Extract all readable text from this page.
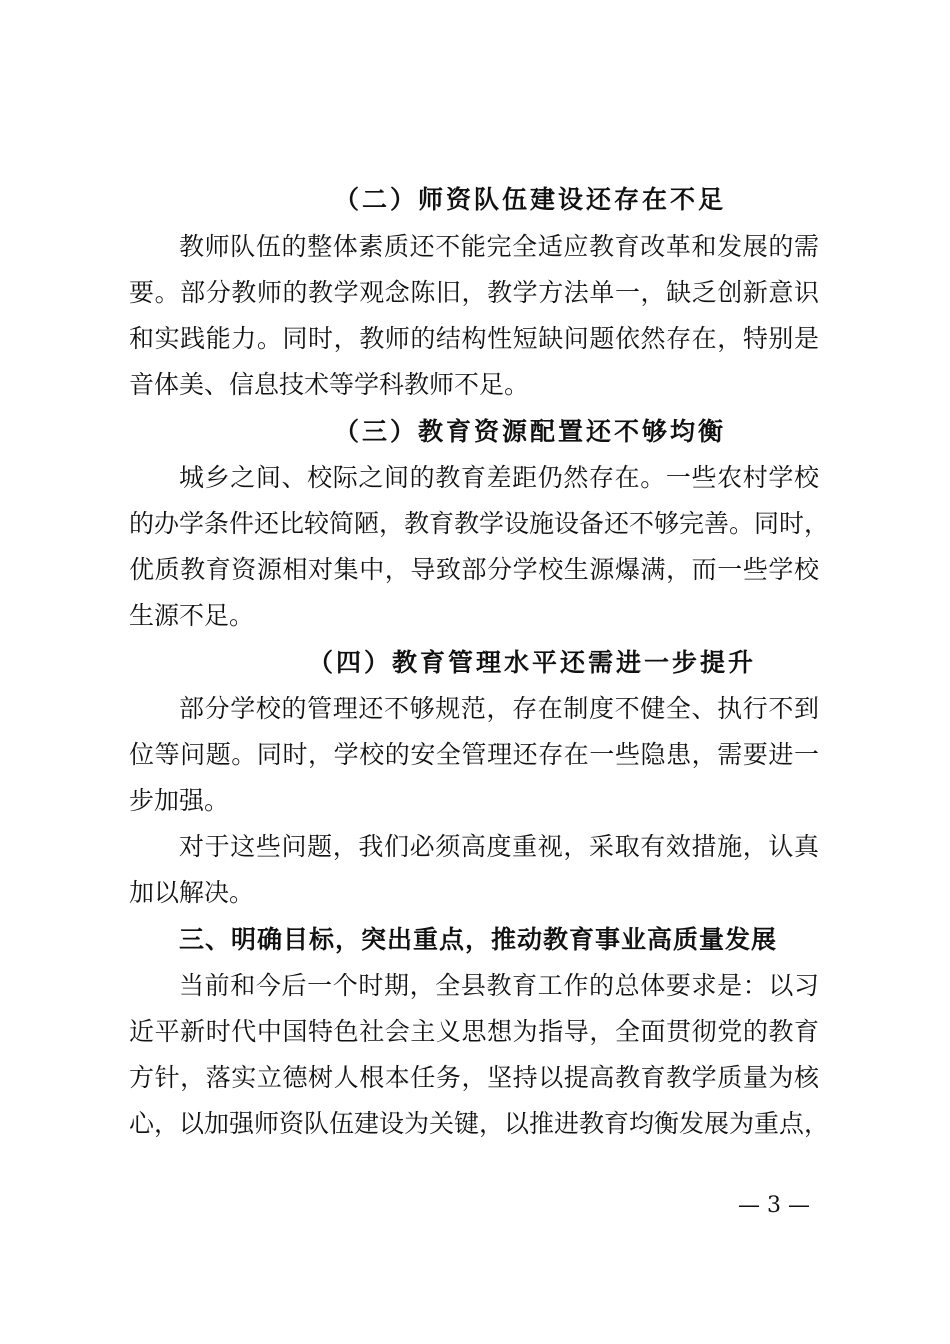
（二）师资队伍建设还存在不足
教师队伍的整体素质还不能完全适应教育改革和发展的需
要。部分教师的教学观念陈旧，教学方法单一，缺乏创新意识
和实践能力。同时，教师的结构性短缺问题依然存在，特别是
音体美、信息技术等学科教师不足。
（三）教育资源配置还不够均衡
城乡之间、校际之间的教育差距仍然存在。一些农村学校
的办学条件还比较简陋，教育教学设施设备还不够完善。同时，
优质教育资源相对集中，导致部分学校生源爆满，而一些学校
生源不足。
（四）教育管理水平还需进一步提升
部分学校的管理还不够规范，存在制度不健全、执行不到
位等问题。同时，学校的安全管理还存在一些隐患，需要进一
步加强。
对于这些问题，我们必须高度重视，采取有效措施，认真
加以解决。
三、明确目标，突出重点，推动教育事业高质量发展
当前和今后一个时期，全县教育工作的总体要求是：以习
近平新时代中国特色社会主义思想为指导，全面贯彻党的教育
方针，落实立德树人根本任务，坚持以提高教育教学质量为核
心，以加强师资队伍建设为关键，以推进教育均衡发展为重点，
— 3 —
